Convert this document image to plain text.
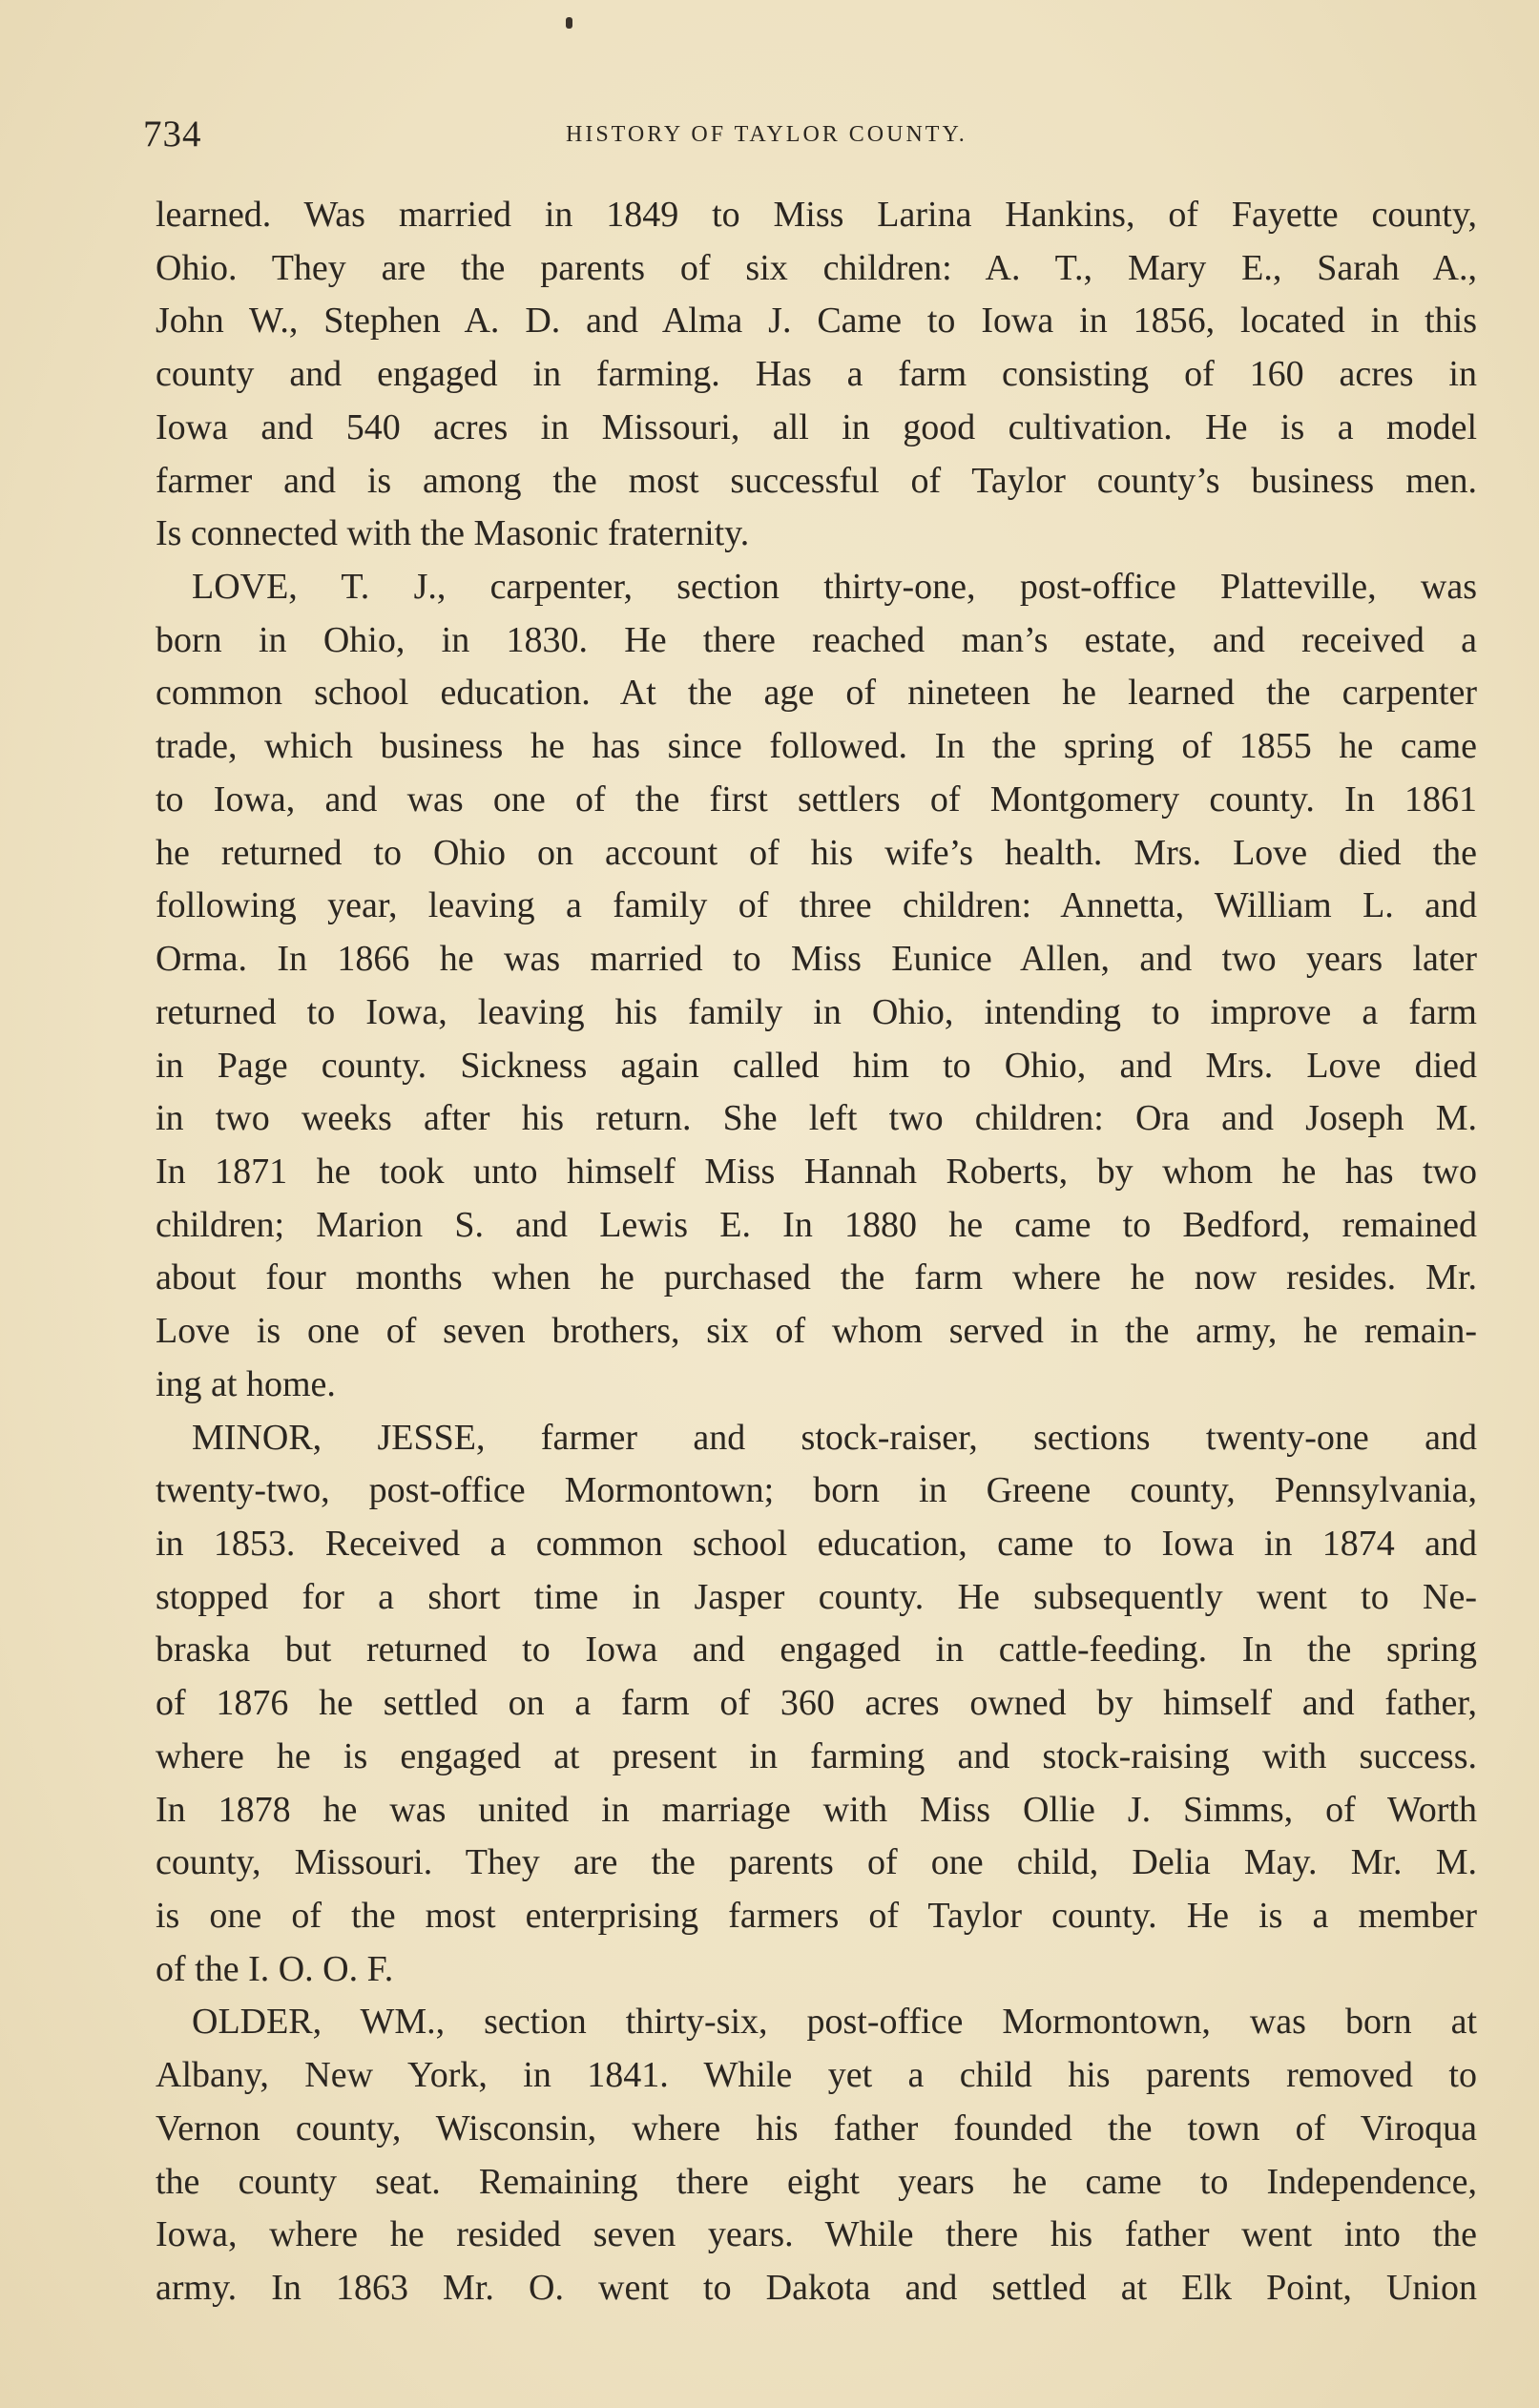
734	HISTORY OF TAYLOR COUNTY.
learned. Was married in 1849 to Miss Larina Hankins, of Fayette county,
Ohio. They are the parents of six children: A. T., Mary E., Sarah A.,
John W., Stephen A. D. and Alma J. Came to Iowa in 1856, located in this
county and engaged in farming. Has a farm consisting of 160 acres in
Iowa and 540 acres in Missouri, all in good cultivation. He is a model
farmer and is among the most successful of Taylor county’s business men.
Is connected with the Masonic fraternity.
LOVE, T. J., carpenter, section thirty-one, post-office Platteville, was
born in Ohio, in 1830. He there reached man’s estate, and received a
common school education. At the age of nineteen he learned the carpenter
trade, which business he has since followed. In the spring of 1855 he came
to Iowa, and was one of the first settlers of Montgomery county. In 1861
he returned to Ohio on account of his wife’s health. Mrs. Love died the
following year, leaving a family of three children: Annetta, William L. and
Orma. In 1866 he was married to Miss Eunice Allen, and two years later
returned to Iowa, leaving his family in Ohio, intending to improve a farm
in Page county. Sickness again called him to Ohio, and Mrs. Love died
in two weeks after his return. She left two children: Ora and Joseph M.
In 1871 he took unto himself Miss Hannah Roberts, by whom he has two
children; Marion S. and Lewis E. In 1880 he came to Bedford, remained
about four months when he purchased the farm where he now resides. Mr.
Love is one of seven brothers, six of whom served in the army, he remain-
ing at home.
MINOR, JESSE, farmer and stock-raiser, sections twenty-one and
twenty-two, post-office Mormontown; born in Greene county, Pennsylvania,
in 1853. Received a common school education, came to Iowa in 1874 and
stopped for a short time in Jasper county. He subsequently went to Ne-
braska but returned to Iowa and engaged in cattle-feeding. In the spring
of 1876 he settled on a farm of 360 acres owned by himself and father,
where he is engaged at present in farming and stock-raising with success.
In 1878 he was united in marriage with Miss Ollie J. Simms, of Worth
county, Missouri. They are the parents of one child, Delia May. Mr. M.
is one of the most enterprising farmers of Taylor county. He is a member
of the I. O. O. F.
OLDER, WM., section thirty-six, post-office Mormontown, was born at
Albany, New York, in 1841. While yet a child his parents removed to
Vernon county, Wisconsin, where his father founded the town of Viroqua
the county seat. Remaining there eight years he came to Independence,
Iowa, where he resided seven years. While there his father went into the
army. In 1863 Mr. O. went to Dakota and settled at Elk Point, Union
